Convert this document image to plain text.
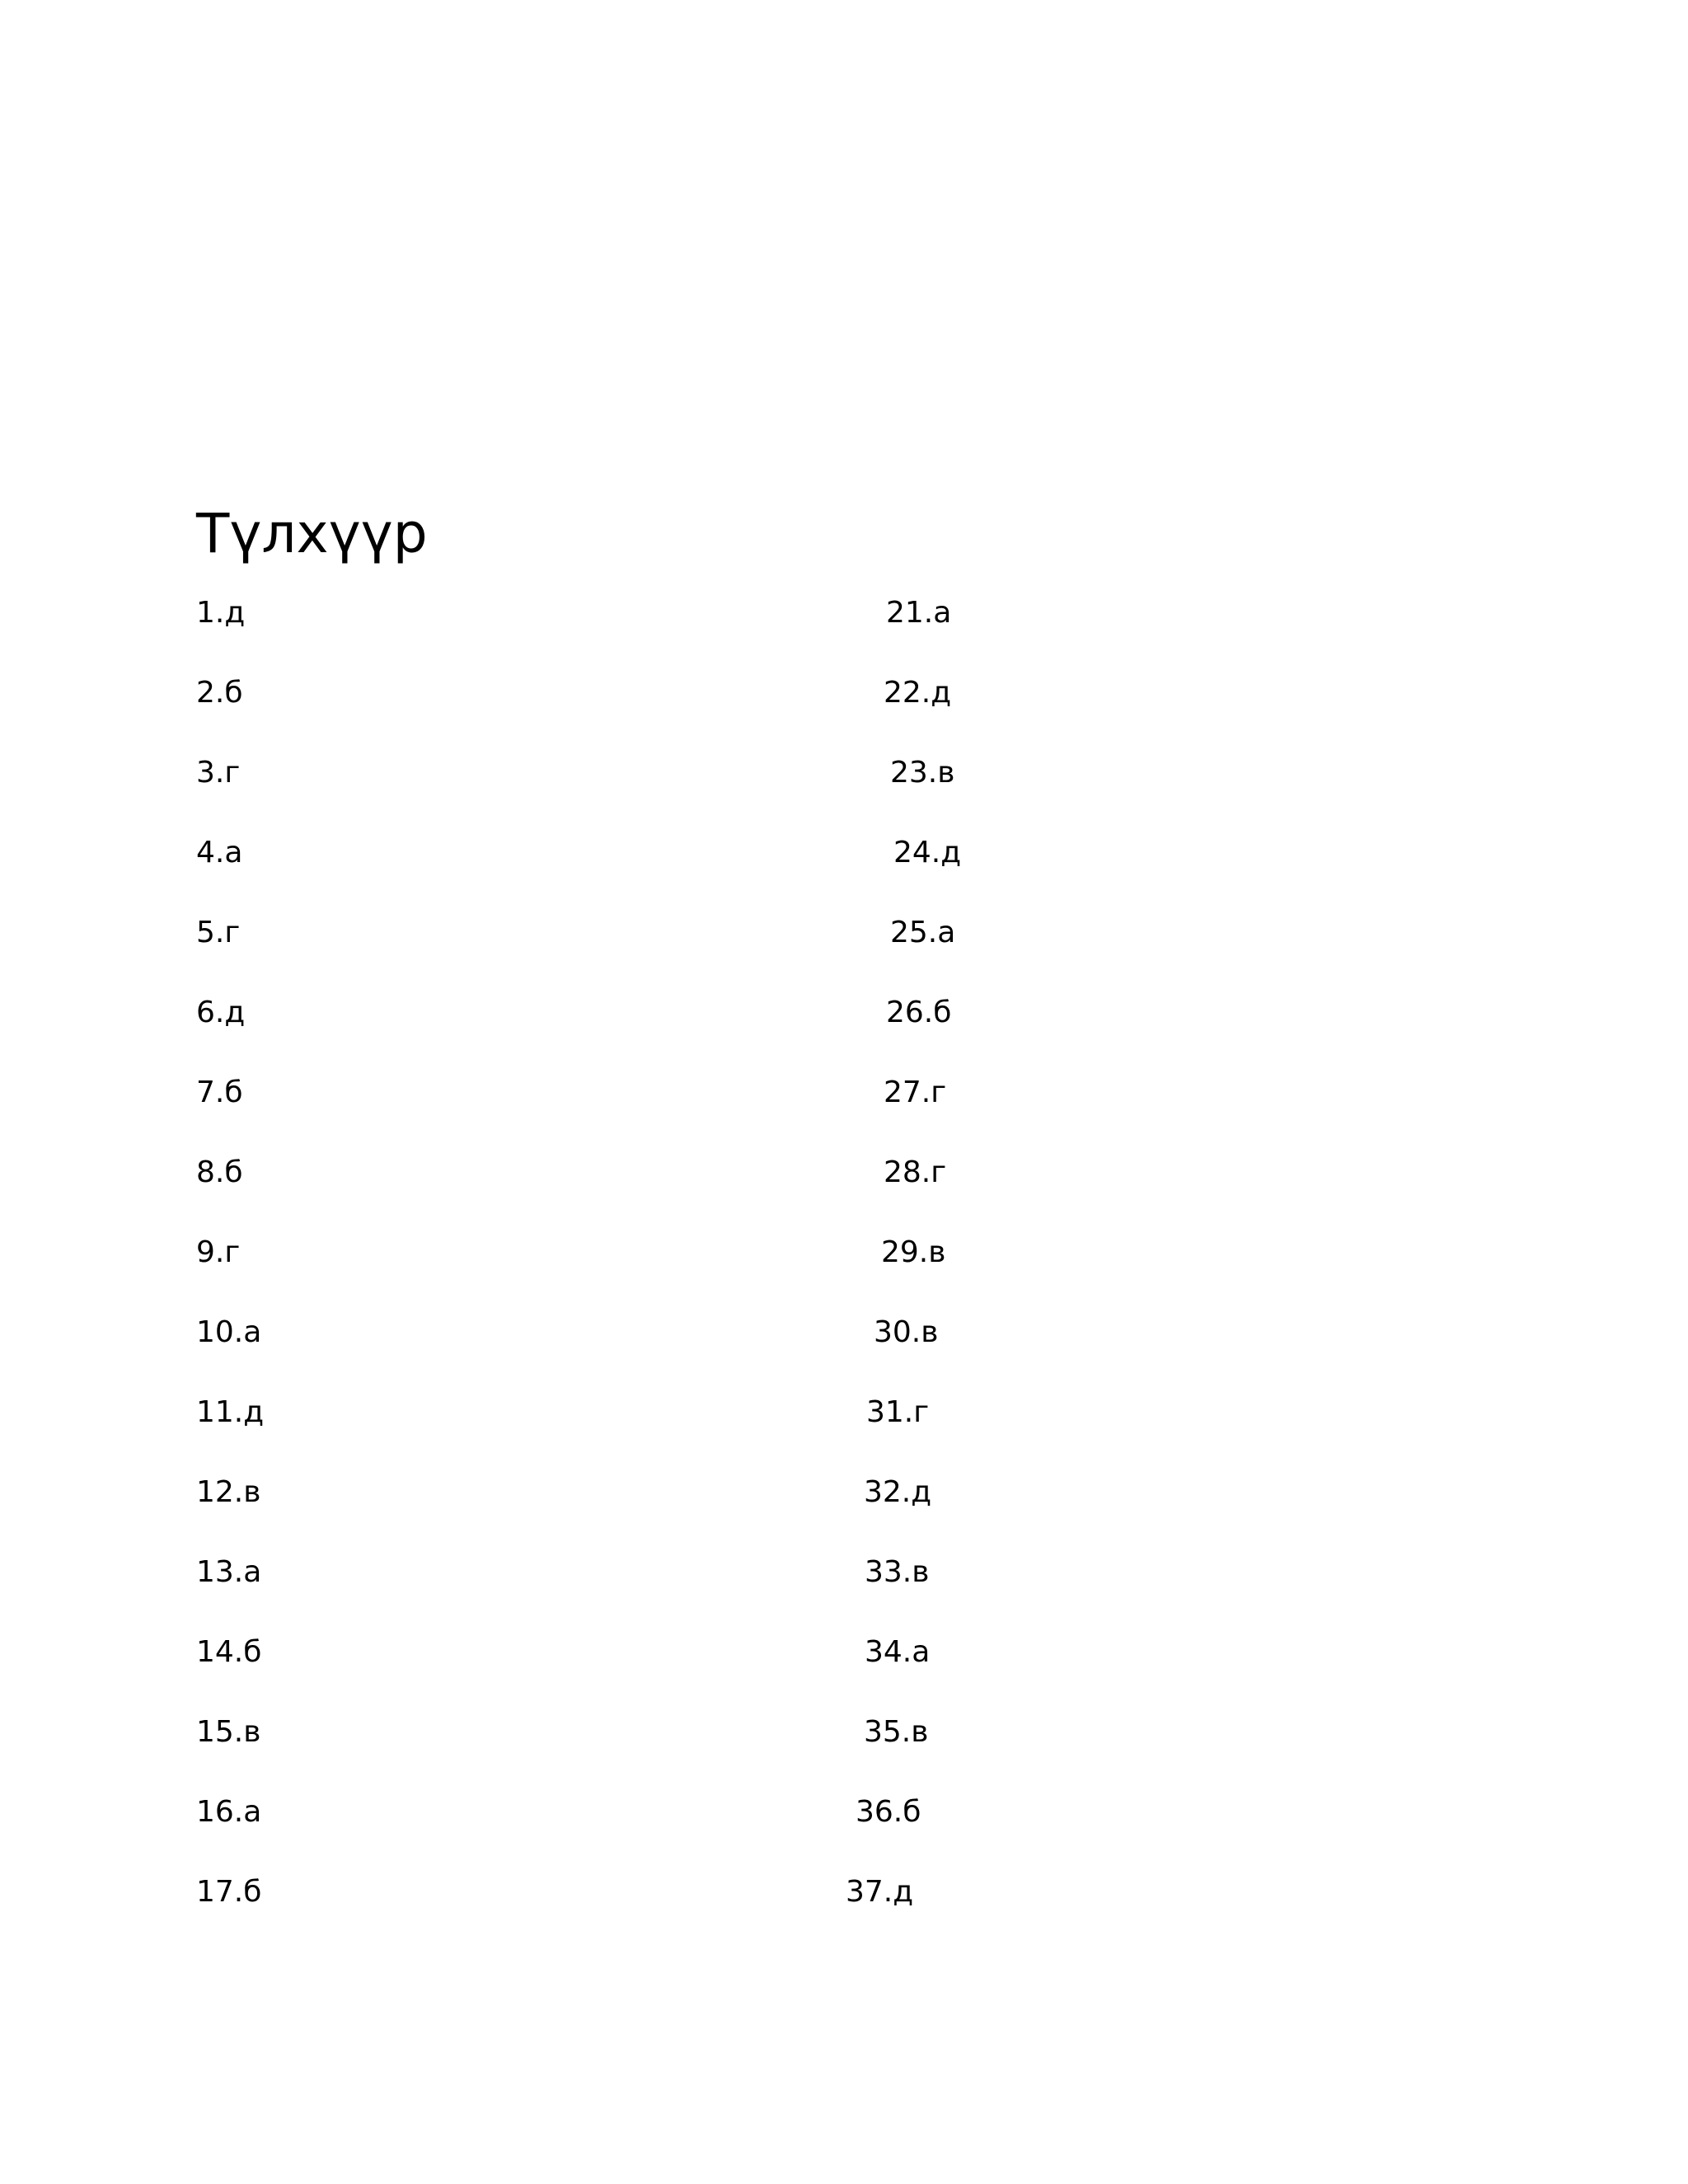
Түлхүүр
1.д
2.б
3.г
4.а
5.г
6.д
7.б
8.б
9.г
10.а
11.д
12.в
13.а
14.б
15.в
16.а
17.б
21.а
22.д
23.в
24.д
25.а
26.б
27.г
28.г
29.в
30.в
31.г
32.д
33.в
34.а
35.в
36.б
37.д
